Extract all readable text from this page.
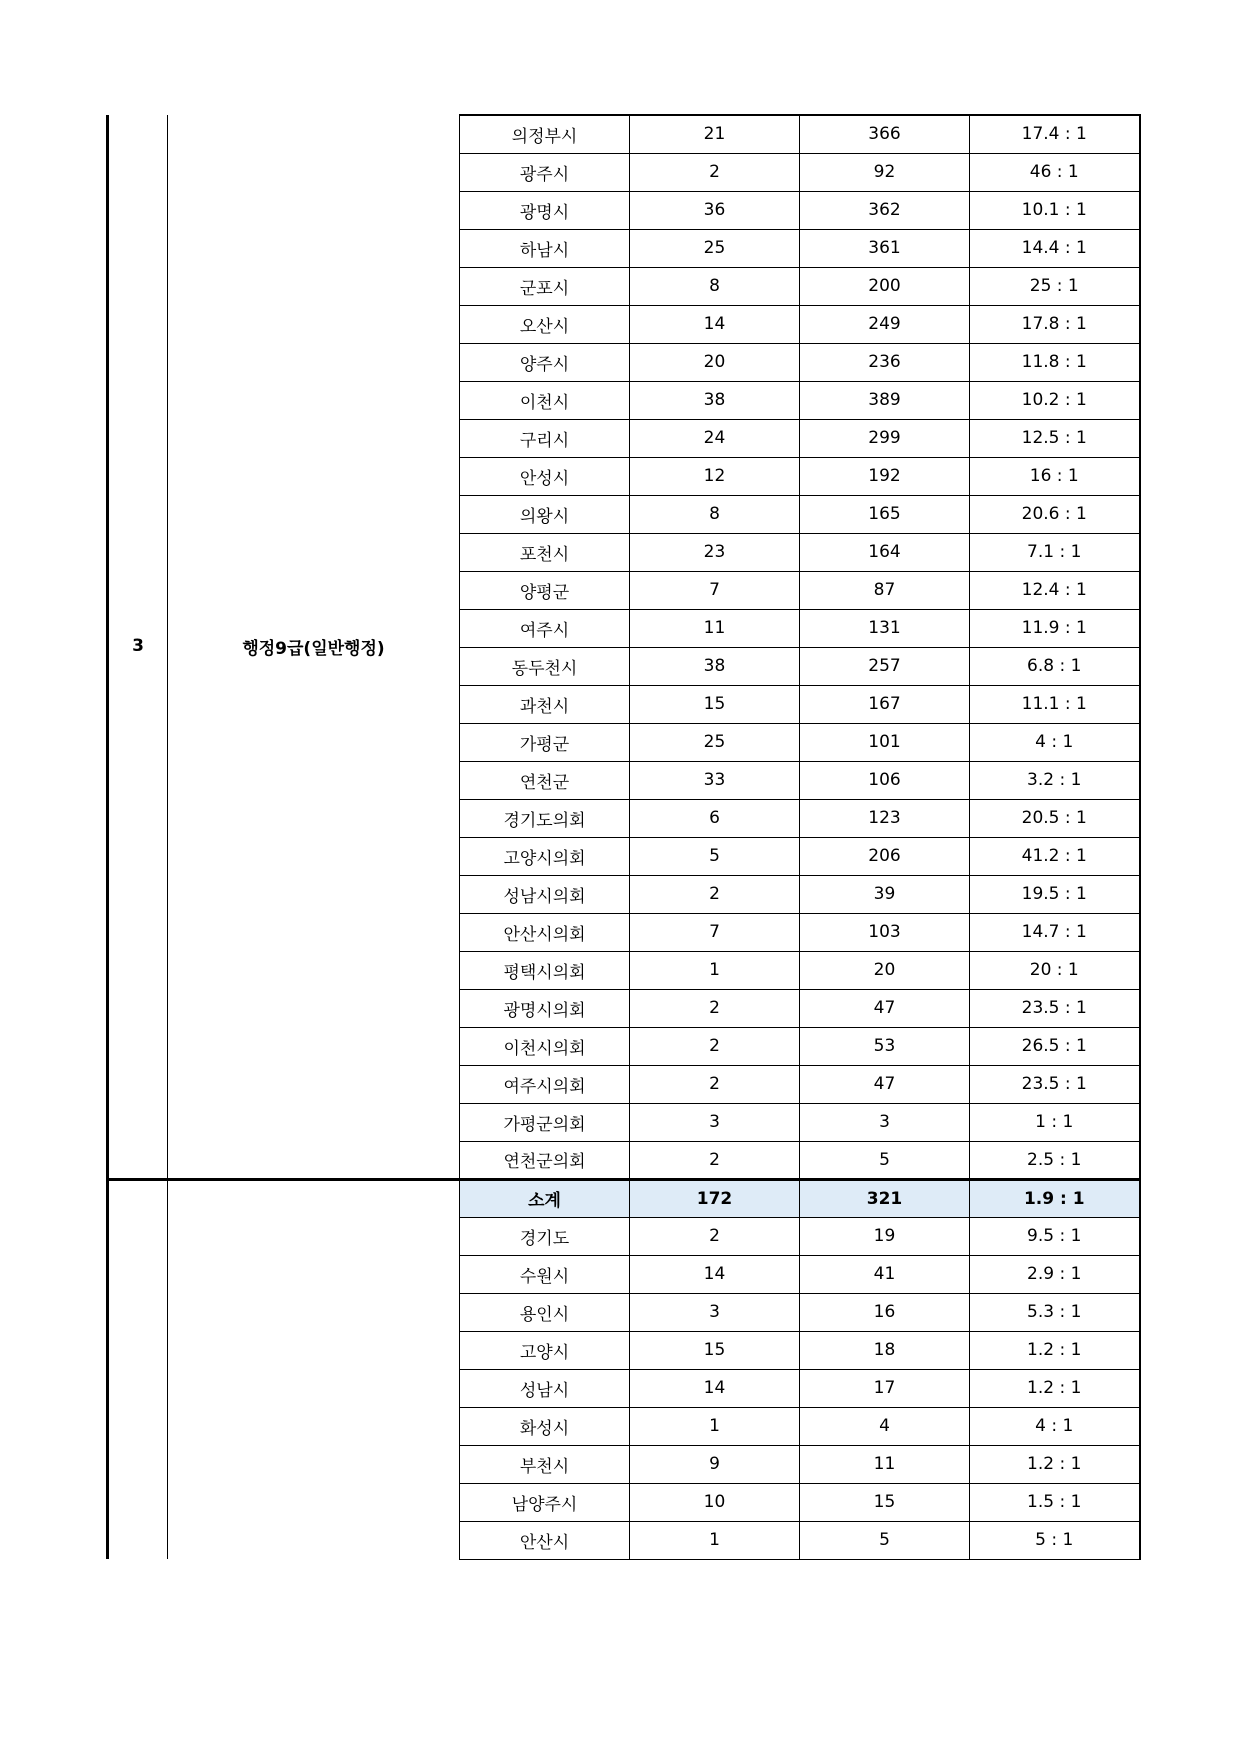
3	행정9급(일반행정)	의정부시	21	366	17.4 : 1
		광주시	2	92	46 : 1
		광명시	36	362	10.1 : 1
		하남시	25	361	14.4 : 1
		군포시	8	200	25 : 1
		오산시	14	249	17.8 : 1
		양주시	20	236	11.8 : 1
		이천시	38	389	10.2 : 1
		구리시	24	299	12.5 : 1
		안성시	12	192	16 : 1
		의왕시	8	165	20.6 : 1
		포천시	23	164	7.1 : 1
		양평군	7	87	12.4 : 1
		여주시	11	131	11.9 : 1
		동두천시	38	257	6.8 : 1
		과천시	15	167	11.1 : 1
		가평군	25	101	4 : 1
		연천군	33	106	3.2 : 1
		경기도의회	6	123	20.5 : 1
		고양시의회	5	206	41.2 : 1
		성남시의회	2	39	19.5 : 1
		안산시의회	7	103	14.7 : 1
		평택시의회	1	20	20 : 1
		광명시의회	2	47	23.5 : 1
		이천시의회	2	53	26.5 : 1
		여주시의회	2	47	23.5 : 1
		가평군의회	3	3	1 : 1
		연천군의회	2	5	2.5 : 1
		소계	172	321	1.9 : 1
		경기도	2	19	9.5 : 1
		수원시	14	41	2.9 : 1
		용인시	3	16	5.3 : 1
		고양시	15	18	1.2 : 1
		성남시	14	17	1.2 : 1
		화성시	1	4	4 : 1
		부천시	9	11	1.2 : 1
		남양주시	10	15	1.5 : 1
		안산시	1	5	5 : 1
